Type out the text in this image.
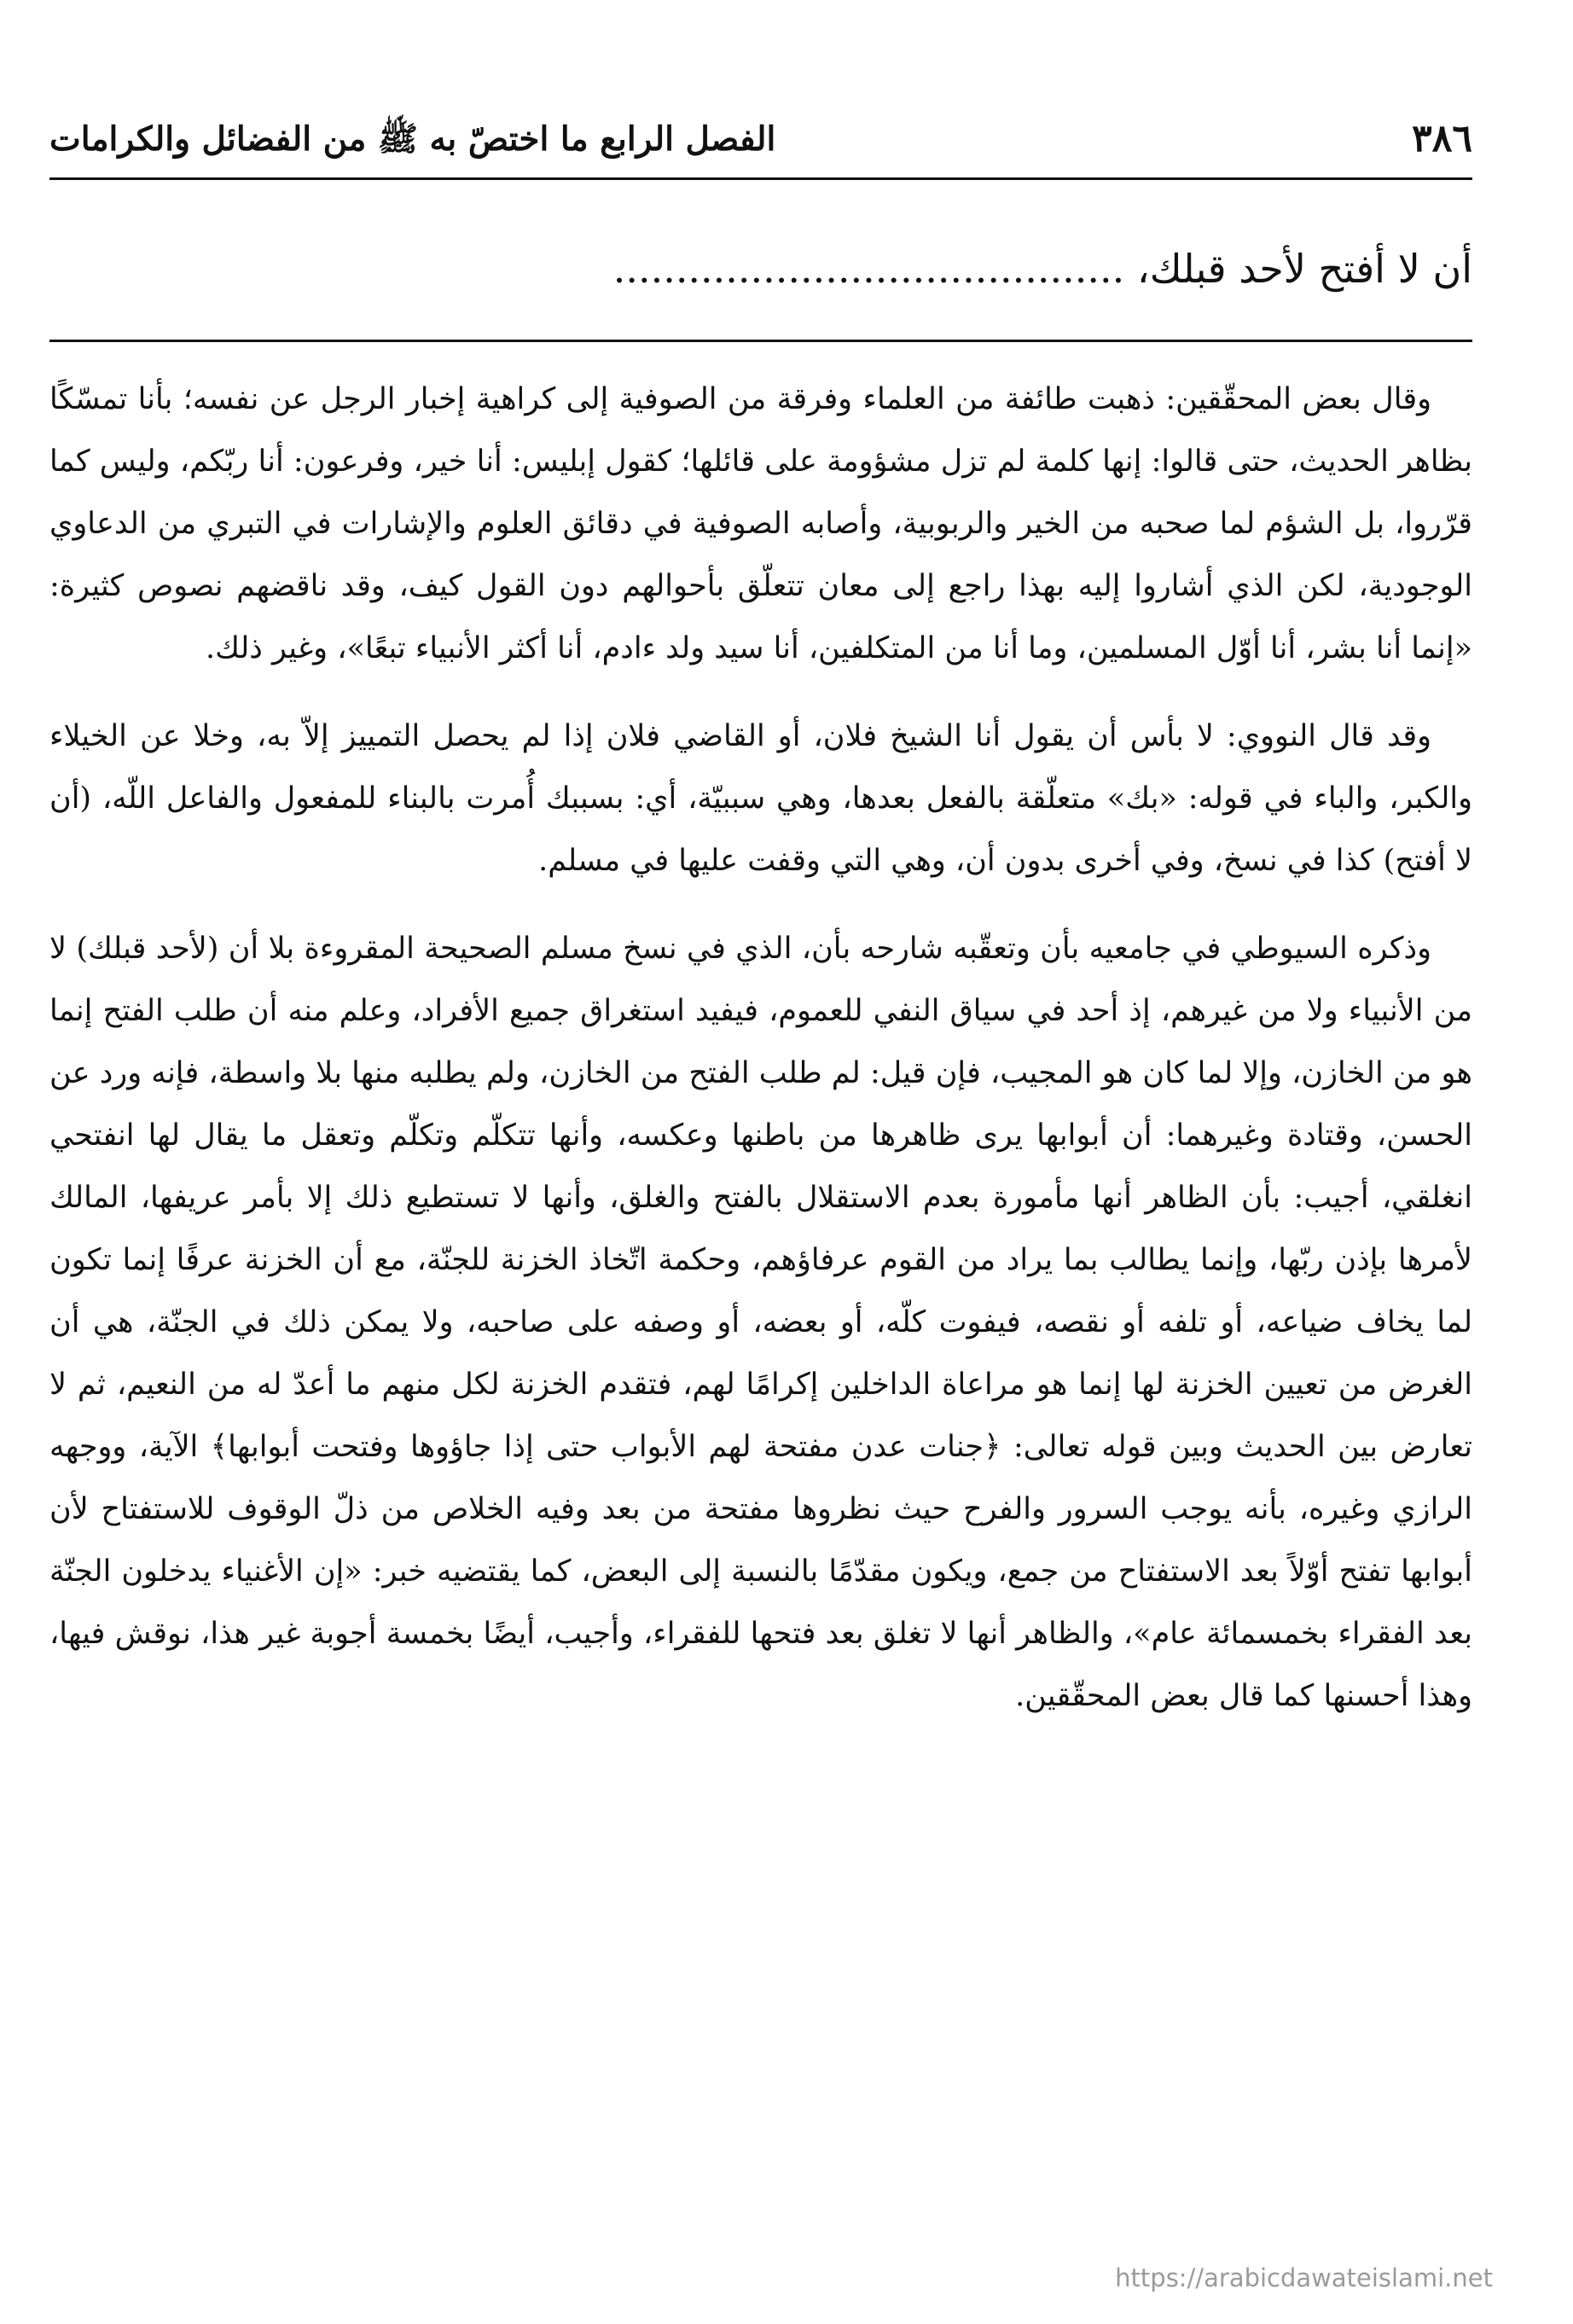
٣٨٦
الفصل الرابع ما اختصّ به ﷺ من الفضائل والكرامات
أن لا أفتح لأحد قبلك، .........................................

وقال بعض المحقّقين: ذهبت طائفة من العلماء وفرقة من الصوفية إلى كراهية إخبار الرجل عن نفسه؛ بأنا تمسّكًا بظاهر الحديث، حتى قالوا: إنها كلمة لم تزل مشؤومة على قائلها؛ كقول إبليس: أنا خير، وفرعون: أنا ربّكم، وليس كما قرّروا، بل الشؤم لما صحبه من الخير والربوبية، وأصابه الصوفية في دقائق العلوم والإشارات في التبري من الدعاوي الوجودية، لكن الذي أشاروا إليه بهذا راجع إلى معان تتعلّق بأحوالهم دون القول كيف، وقد ناقضهم نصوص كثيرة: «إنما أنا بشر، أنا أوّل المسلمين، وما أنا من المتكلفين، أنا سيد ولد ءادم، أنا أكثر الأنبياء تبعًا»، وغير ذلك.

وقد قال النووي: لا بأس أن يقول أنا الشيخ فلان، أو القاضي فلان إذا لم يحصل التمييز إلاّ به، وخلا عن الخيلاء والكبر، والباء في قوله: «بك» متعلّقة بالفعل بعدها، وهي سببيّة، أي: بسببك أُمرت بالبناء للمفعول والفاعل اللّه، (أن لا أفتح) كذا في نسخ، وفي أخرى بدون أن، وهي التي وقفت عليها في مسلم.

وذكره السيوطي في جامعيه بأن وتعقّبه شارحه بأن، الذي في نسخ مسلم الصحيحة المقروءة بلا أن (لأحد قبلك) لا من الأنبياء ولا من غيرهم، إذ أحد في سياق النفي للعموم، فيفيد استغراق جميع الأفراد، وعلم منه أن طلب الفتح إنما هو من الخازن، وإلا لما كان هو المجيب، فإن قيل: لم طلب الفتح من الخازن، ولم يطلبه منها بلا واسطة، فإنه ورد عن الحسن، وقتادة وغيرهما: أن أبوابها يرى ظاهرها من باطنها وعكسه، وأنها تتكلّم وتكلّم وتعقل ما يقال لها انفتحي انغلقي، أجيب: بأن الظاهر أنها مأمورة بعدم الاستقلال بالفتح والغلق، وأنها لا تستطيع ذلك إلا بأمر عريفها، المالك لأمرها بإذن ربّها، وإنما يطالب بما يراد من القوم عرفاؤهم، وحكمة اتّخاذ الخزنة للجنّة، مع أن الخزنة عرفًا إنما تكون لما يخاف ضياعه، أو تلفه أو نقصه، فيفوت كلّه، أو بعضه، أو وصفه على صاحبه، ولا يمكن ذلك في الجنّة، هي أن الغرض من تعيين الخزنة لها إنما هو مراعاة الداخلين إكرامًا لهم، فتقدم الخزنة لكل منهم ما أعدّ له من النعيم، ثم لا تعارض بين الحديث وبين قوله تعالى: ﴿جنات عدن مفتحة لهم الأبواب حتى إذا جاؤوها وفتحت أبوابها﴾ الآية، ووجهه الرازي وغيره، بأنه يوجب السرور والفرح حيث نظروها مفتحة من بعد وفيه الخلاص من ذلّ الوقوف للاستفتاح لأن أبوابها تفتح أوّلاً بعد الاستفتاح من جمع، ويكون مقدّمًا بالنسبة إلى البعض، كما يقتضيه خبر: «إن الأغنياء يدخلون الجنّة بعد الفقراء بخمسمائة عام»، والظاهر أنها لا تغلق بعد فتحها للفقراء، وأجيب، أيضًا بخمسة أجوبة غير هذا، نوقش فيها، وهذا أحسنها كما قال بعض المحقّقين.

https://arabicdawateislami.net
